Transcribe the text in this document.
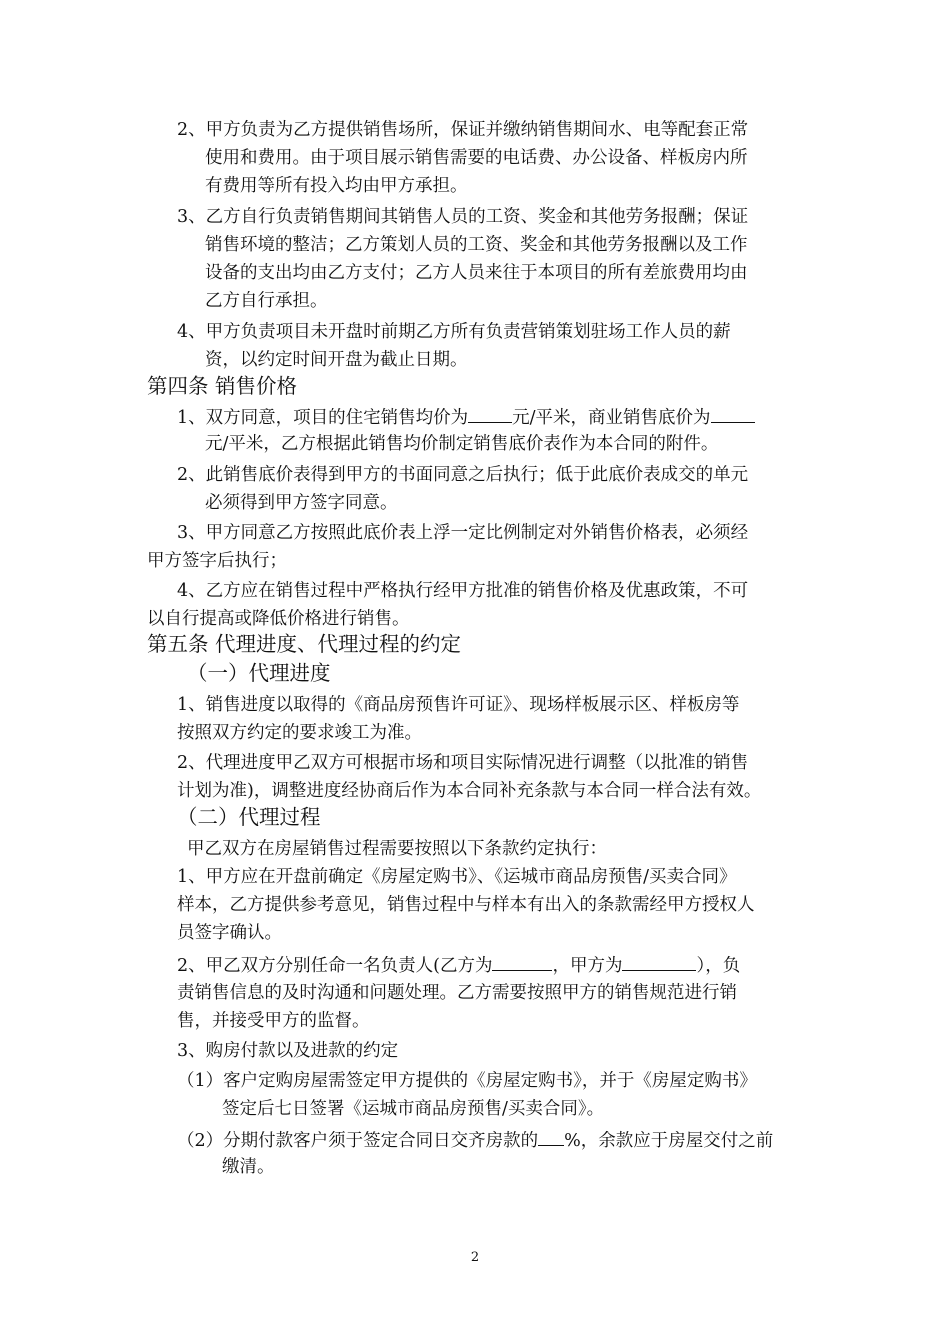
2、甲方负责为乙方提供销售场所，保证并缴纳销售期间水、电等配套正常
使用和费用。由于项目展示销售需要的电话费、办公设备、样板房内所
有费用等所有投入均由甲方承担。
3、乙方自行负责销售期间其销售人员的工资、奖金和其他劳务报酬；保证
销售环境的整洁；乙方策划人员的工资、奖金和其他劳务报酬以及工作
设备的支出均由乙方支付；乙方人员来往于本项目的所有差旅费用均由
乙方自行承担。
4、甲方负责项目未开盘时前期乙方所有负责营销策划驻场工作人员的薪
资，以约定时间开盘为截止日期。
第四条 销售价格
1、双方同意，项目的住宅销售均价为	元/平米，商业销售底价为
元/平米，乙方根据此销售均价制定销售底价表作为本合同的附件。
2、此销售底价表得到甲方的书面同意之后执行；低于此底价表成交的单元
必须得到甲方签字同意。
3、甲方同意乙方按照此底价表上浮一定比例制定对外销售价格表，必须经
甲方签字后执行；
4、乙方应在销售过程中严格执行经甲方批准的销售价格及优惠政策，不可
以自行提高或降低价格进行销售。
第五条 代理进度、代理过程的约定
（一）代理进度
1、销售进度以取得的《商品房预售许可证》、现场样板展示区、样板房等
按照双方约定的要求竣工为准。
2、代理进度甲乙双方可根据市场和项目实际情况进行调整（以批准的销售
计划为准)，调整进度经协商后作为本合同补充条款与本合同一样合法有效。
（二）代理过程
甲乙双方在房屋销售过程需要按照以下条款约定执行：
1、甲方应在开盘前确定《房屋定购书》、《运城市商品房预售/买卖合同》
样本，乙方提供参考意见，销售过程中与样本有出入的条款需经甲方授权人
员签字确认。
2、甲乙双方分别任命一名负责人(乙方为	，甲方为	），负
责销售信息的及时沟通和问题处理。乙方需要按照甲方的销售规范进行销
售，并接受甲方的监督。
3、购房付款以及进款的约定
（1）客户定购房屋需签定甲方提供的《房屋定购书》，并于《房屋定购书》
签定后七日签署《运城市商品房预售/买卖合同》。
（2）分期付款客户须于签定合同日交齐房款的 %，余款应于房屋交付之前
缴清。
2
